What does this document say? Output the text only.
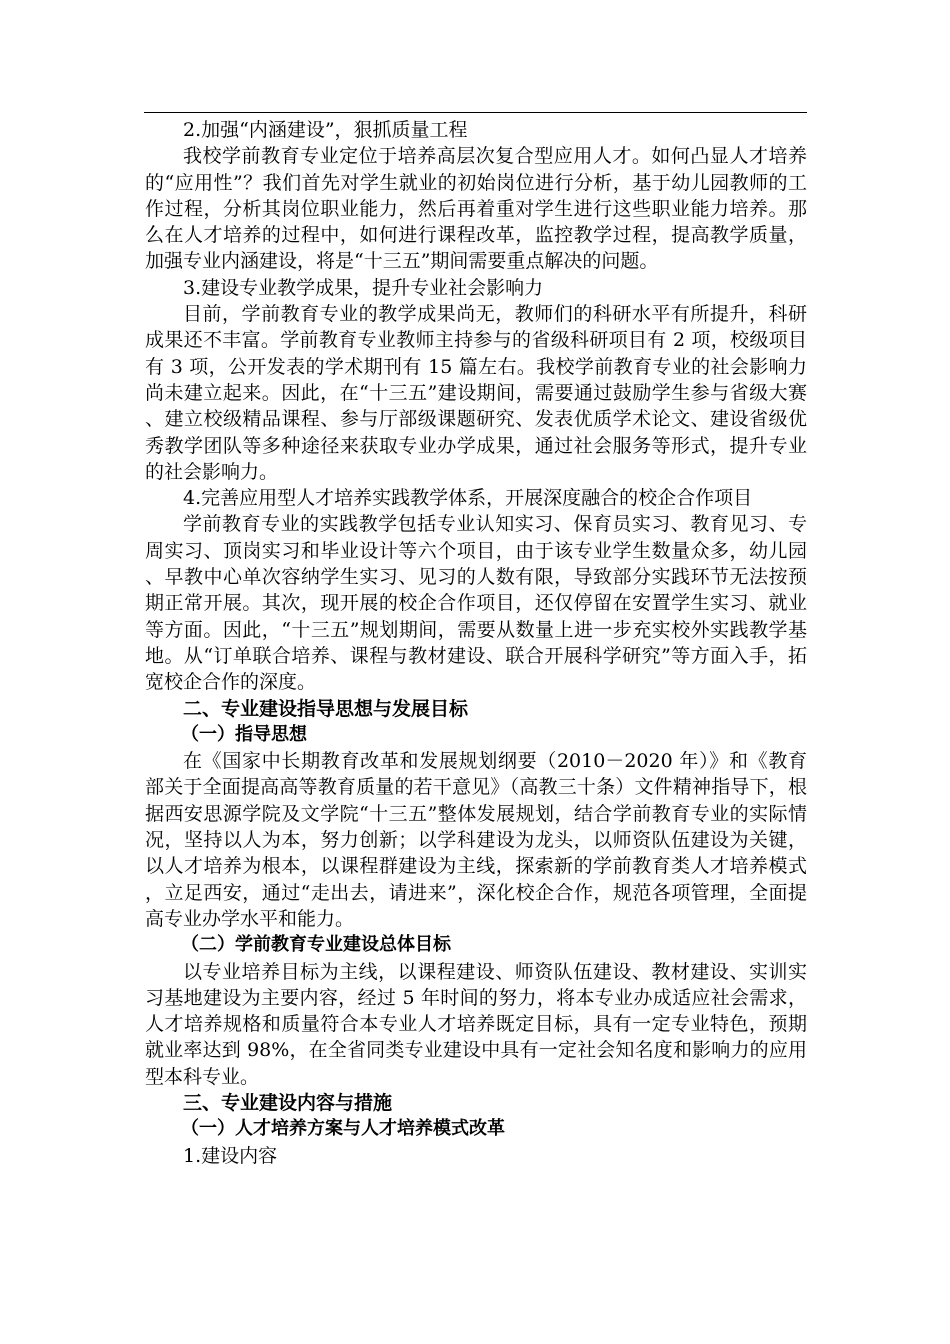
2.加强“内涵建设”，狠抓质量工程

我校学前教育专业定位于培养高层次复合型应用人才。如何凸显人才培养的“应用性”？我们首先对学生就业的初始岗位进行分析，基于幼儿园教师的工作过程，分析其岗位职业能力，然后再着重对学生进行这些职业能力培养。那么在人才培养的过程中，如何进行课程改革，监控教学过程，提高教学质量，加强专业内涵建设，将是“十三五”期间需要重点解决的问题。

3.建设专业教学成果，提升专业社会影响力

目前，学前教育专业的教学成果尚无，教师们的科研水平有所提升，科研成果还不丰富。学前教育专业教师主持参与的省级科研项目有 2 项，校级项目有 3 项，公开发表的学术期刊有 15 篇左右。我校学前教育专业的社会影响力尚未建立起来。因此，在“十三五”建设期间，需要通过鼓励学生参与省级大赛、建立校级精品课程、参与厅部级课题研究、发表优质学术论文、建设省级优秀教学团队等多种途径来获取专业办学成果，通过社会服务等形式，提升专业的社会影响力。

4.完善应用型人才培养实践教学体系，开展深度融合的校企合作项目

学前教育专业的实践教学包括专业认知实习、保育员实习、教育见习、专周实习、顶岗实习和毕业设计等六个项目，由于该专业学生数量众多，幼儿园、早教中心单次容纳学生实习、见习的人数有限，导致部分实践环节无法按预期正常开展。其次，现开展的校企合作项目，还仅停留在安置学生实习、就业等方面。因此，“十三五”规划期间，需要从数量上进一步充实校外实践教学基地。从“订单联合培养、课程与教材建设、联合开展科学研究”等方面入手，拓宽校企合作的深度。

二、专业建设指导思想与发展目标

（一）指导思想

在《国家中长期教育改革和发展规划纲要（2010－2020 年）》和《教育部关于全面提高高等教育质量的若干意见》（高教三十条）文件精神指导下，根据西安思源学院及文学院“十三五”整体发展规划，结合学前教育专业的实际情况，坚持以人为本，努力创新；以学科建设为龙头，以师资队伍建设为关键，以人才培养为根本，以课程群建设为主线，探索新的学前教育类人才培养模式，立足西安，通过“走出去，请进来”，深化校企合作，规范各项管理，全面提高专业办学水平和能力。

（二）学前教育专业建设总体目标

以专业培养目标为主线，以课程建设、师资队伍建设、教材建设、实训实习基地建设为主要内容，经过 5 年时间的努力，将本专业办成适应社会需求，人才培养规格和质量符合本专业人才培养既定目标，具有一定专业特色，预期就业率达到 98%，在全省同类专业建设中具有一定社会知名度和影响力的应用型本科专业。

三、专业建设内容与措施

（一）人才培养方案与人才培养模式改革

1.建设内容
